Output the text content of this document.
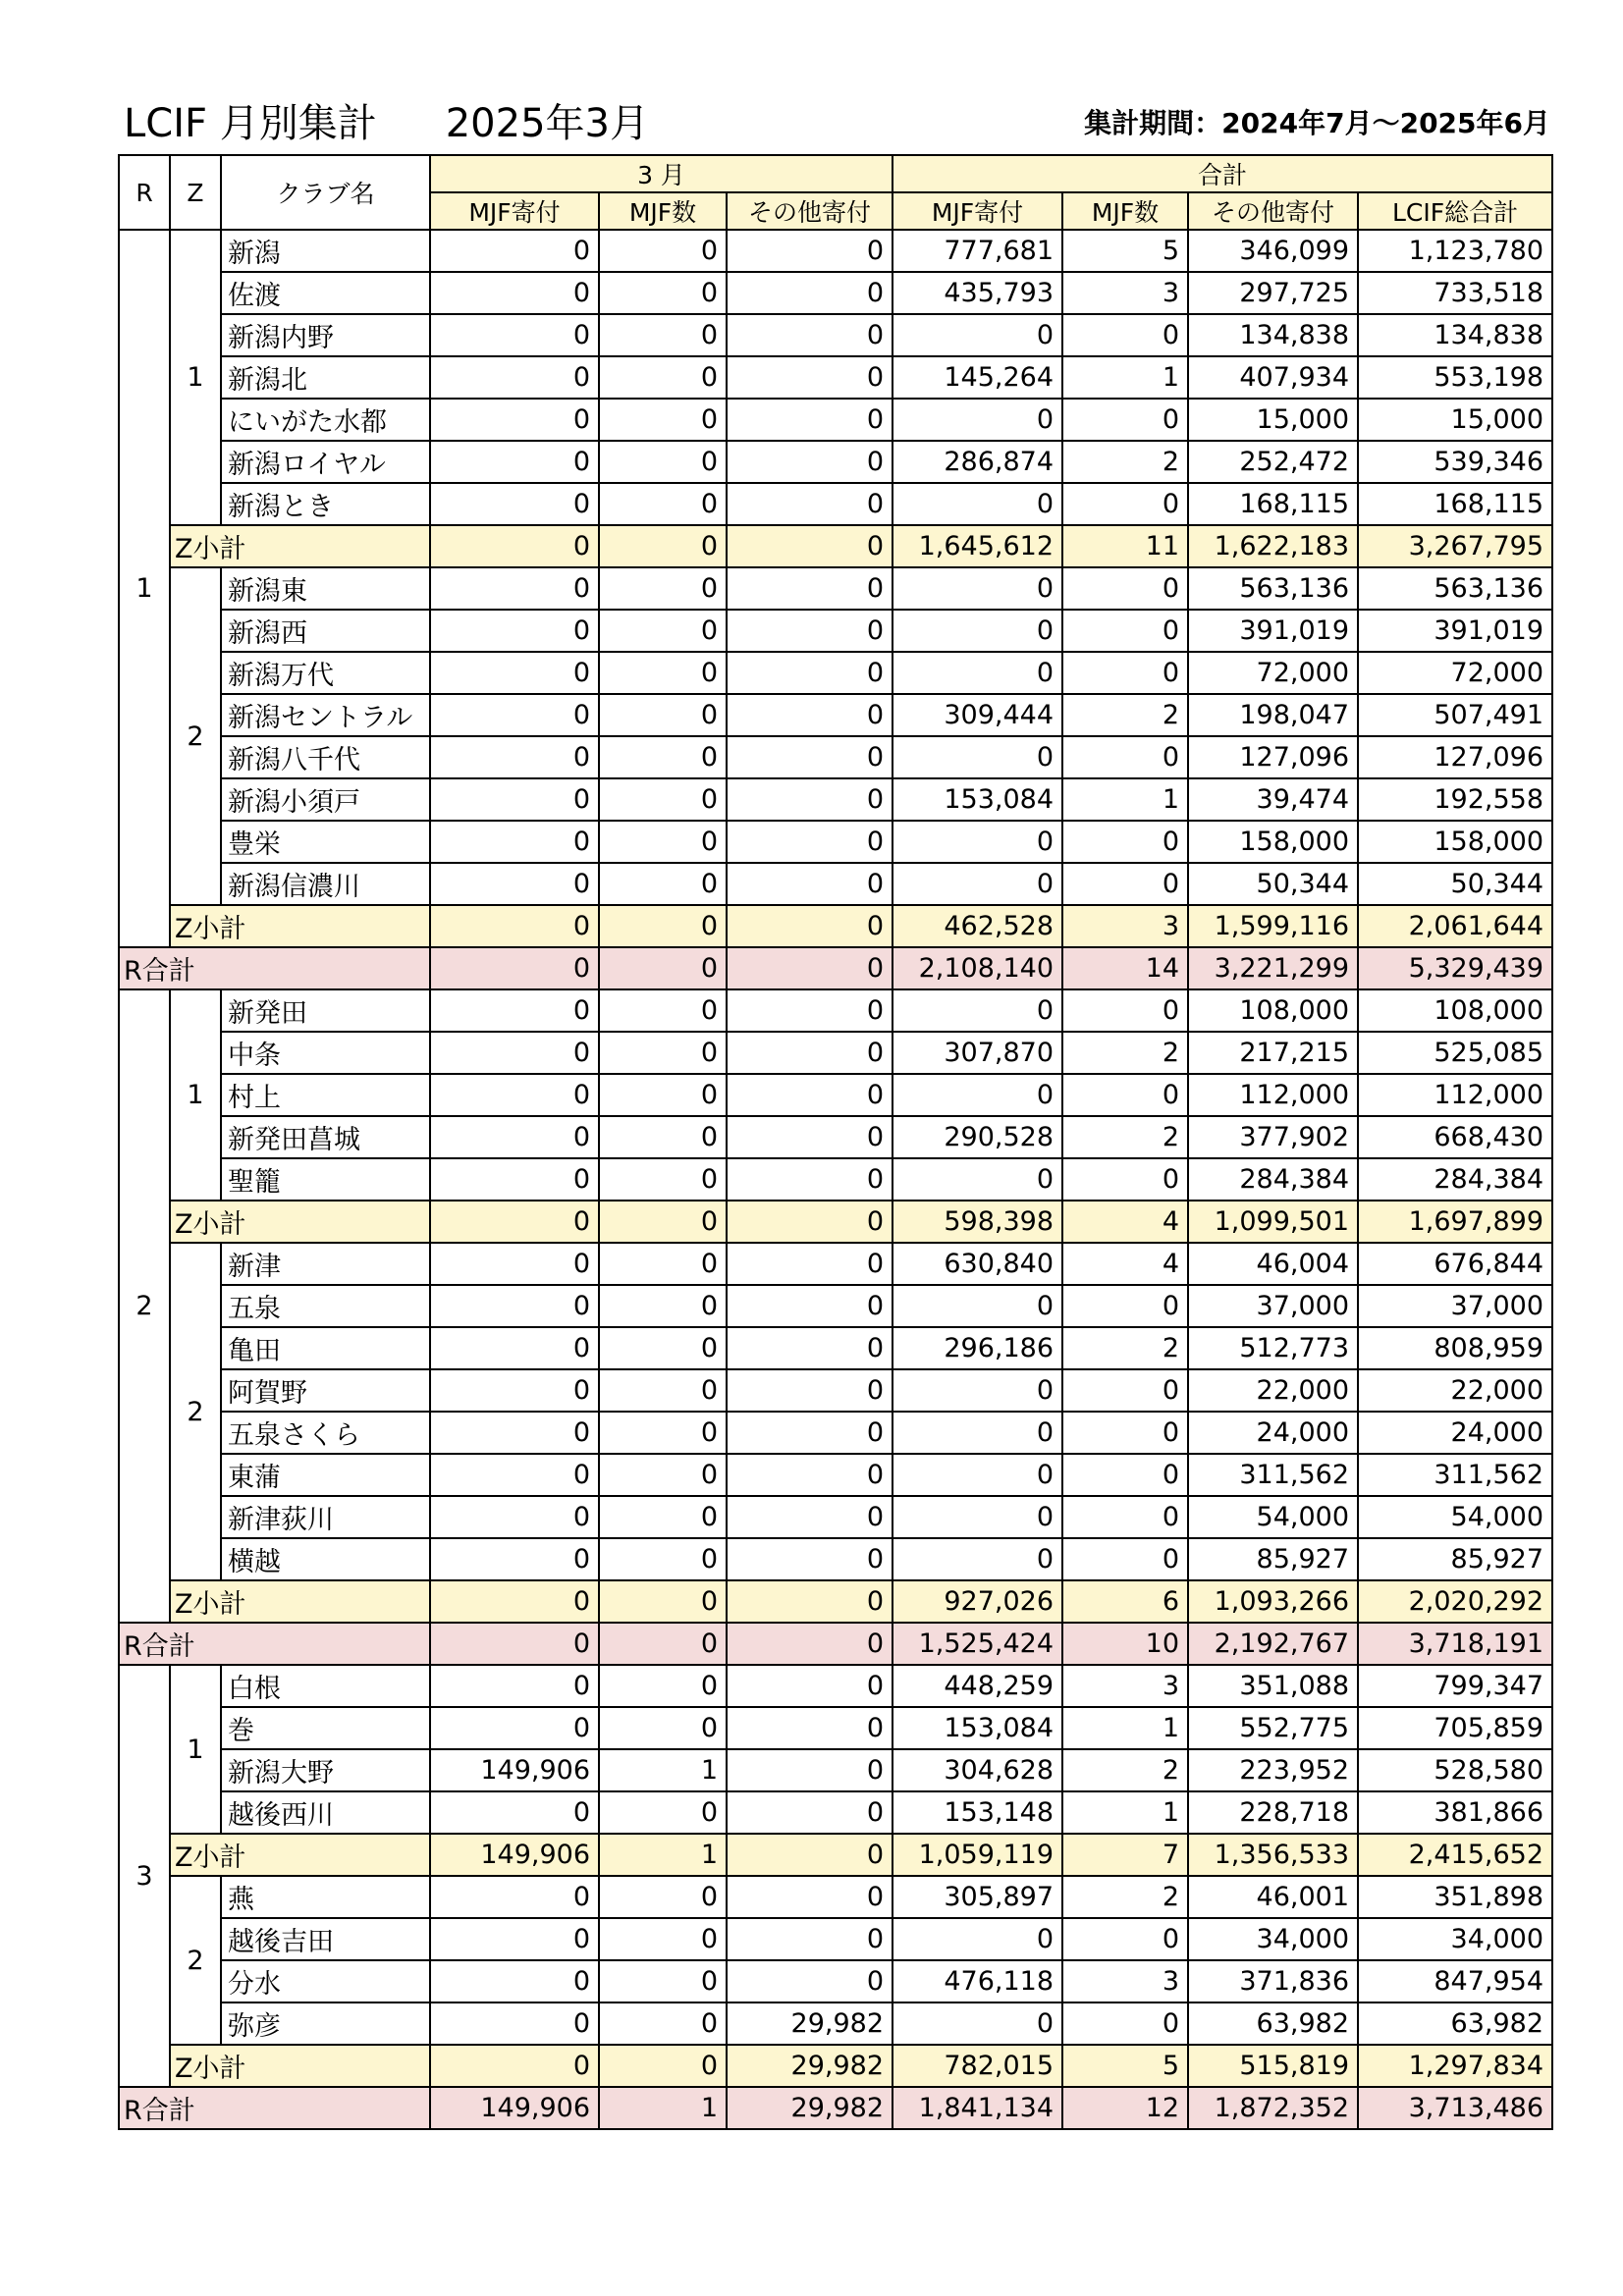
LCIF 月別集計 2025年3月	集計期間：2024年7月～2025年6月
R	Z	クラブ名	3 月			合計			
			MJF寄付	MJF数	その他寄付	MJF寄付	MJF数	その他寄付	LCIF総合計
1	1	新潟	0	0	0	777,681	5	346,099	1,123,780
		佐渡	0	0	0	435,793	3	297,725	733,518
		新潟内野	0	0	0	0	0	134,838	134,838
		新潟北	0	0	0	145,264	1	407,934	553,198
		にいがた水都	0	0	0	0	0	15,000	15,000
		新潟ロイヤル	0	0	0	286,874	2	252,472	539,346
		新潟とき	0	0	0	0	0	168,115	168,115
	Z小計		0	0	0	1,645,612	11	1,622,183	3,267,795
	2	新潟東	0	0	0	0	0	563,136	563,136
		新潟西	0	0	0	0	0	391,019	391,019
		新潟万代	0	0	0	0	0	72,000	72,000
		新潟セントラル	0	0	0	309,444	2	198,047	507,491
		新潟八千代	0	0	0	0	0	127,096	127,096
		新潟小須戸	0	0	0	153,084	1	39,474	192,558
		豊栄	0	0	0	0	0	158,000	158,000
		新潟信濃川	0	0	0	0	0	50,344	50,344
	Z小計		0	0	0	462,528	3	1,599,116	2,061,644
R合計			0	0	0	2,108,140	14	3,221,299	5,329,439
2	1	新発田	0	0	0	0	0	108,000	108,000
		中条	0	0	0	307,870	2	217,215	525,085
		村上	0	0	0	0	0	112,000	112,000
		新発田菖城	0	0	0	290,528	2	377,902	668,430
		聖籠	0	0	0	0	0	284,384	284,384
	Z小計		0	0	0	598,398	4	1,099,501	1,697,899
	2	新津	0	0	0	630,840	4	46,004	676,844
		五泉	0	0	0	0	0	37,000	37,000
		亀田	0	0	0	296,186	2	512,773	808,959
		阿賀野	0	0	0	0	0	22,000	22,000
		五泉さくら	0	0	0	0	0	24,000	24,000
		東蒲	0	0	0	0	0	311,562	311,562
		新津荻川	0	0	0	0	0	54,000	54,000
		横越	0	0	0	0	0	85,927	85,927
	Z小計		0	0	0	927,026	6	1,093,266	2,020,292
R合計			0	0	0	1,525,424	10	2,192,767	3,718,191
3	1	白根	0	0	0	448,259	3	351,088	799,347
		巻	0	0	0	153,084	1	552,775	705,859
		新潟大野	149,906	1	0	304,628	2	223,952	528,580
		越後西川	0	0	0	153,148	1	228,718	381,866
	Z小計		149,906	1	0	1,059,119	7	1,356,533	2,415,652
	2	燕	0	0	0	305,897	2	46,001	351,898
		越後吉田	0	0	0	0	0	34,000	34,000
		分水	0	0	0	476,118	3	371,836	847,954
		弥彦	0	0	29,982	0	0	63,982	63,982
	Z小計		0	0	29,982	782,015	5	515,819	1,297,834
R合計			149,906	1	29,982	1,841,134	12	1,872,352	3,713,486
